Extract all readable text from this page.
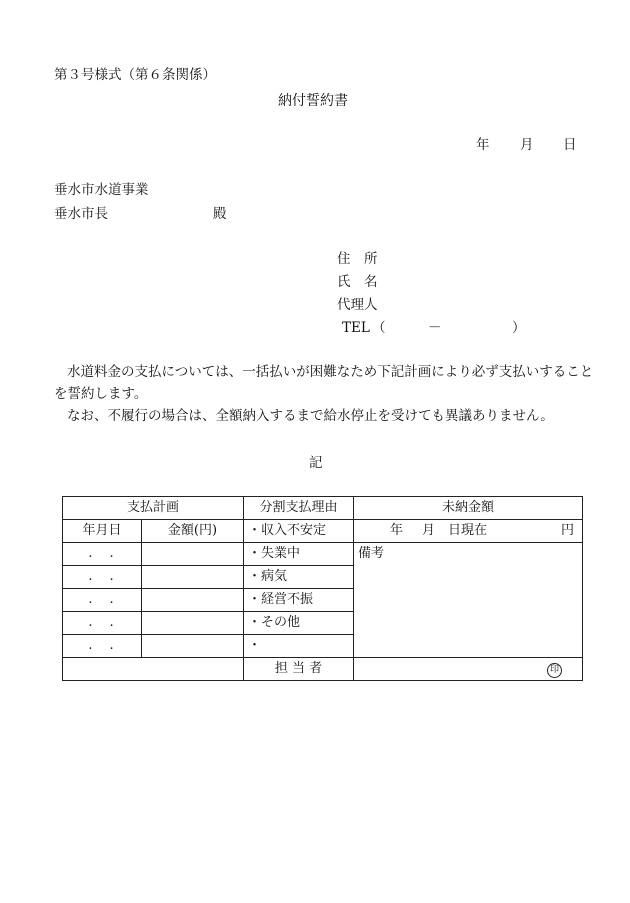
第３号様式（第６条関係）
納付誓約書
年 月 日
垂水市水道事業
垂水市長	殿
住　所
氏　名
代理人
TEL （	－	）
水道料金の支払については、一括払いが困難なため下記計画により必ず支払いすることを誓約します。
なお、不履行の場合は、全額納入するまで給水停止を受けても異議ありません。
記
支払計画		分割支払理由	未納金額
年月日	金額(円)	・収入不安定	年 月 日現在 円

.　.		・失業中	備考
.　.		・病気	
.　.		・経営不振	
.　.		・その他	
.　.		・	
		担 当 者	印
